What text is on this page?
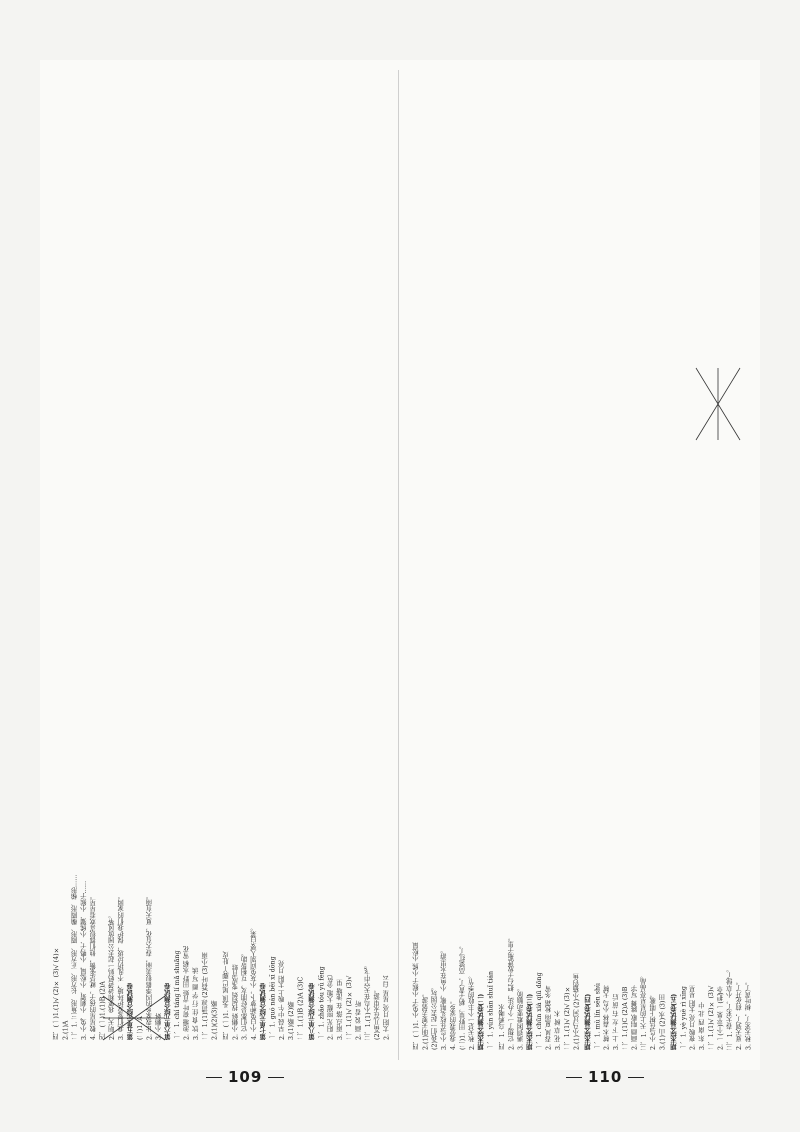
四、(一)1.(1)√ (2)× (3)√ (4)× 2.(1)A 二、1. 三角形、长方形、正方形、圆形、椭圆形、梯形…… 3. 小兔、小刺猬、小松鼠、小鸭子、小熊猫、小猴子…… 4. 数星星的孩子，就是张衡，他们都很喜欢看星星。 四、(一)1.(1)B (2)A 2. 明天，我要和爸爸妈妈一起去公园放风筝。 3. 我们要爱护环境，不乱扔垃圾，保护我们的家园。 第五单元综合测试卷 (二)1. A 2. 让我家乡的四季都很美丽，春天有花，夏天有雨。 3. 小蝌蚪 第六单元综合测试卷 一、1. chí tánɡ lí mǎ shuānɡ 2. 池塘 荷叶 青蛙 田野 水稻 雪花 3. 饮 食 住 行 学 画 写 读 二、1.(1)清凉 (2)荷叶 (3)小雨 2.(1)(2)(3)略 四、(一)1. 头顶 尾巴 脚丫 肚皮 2. 小蝌蚪 找妈妈 变成青蛙 3. 它们都是好朋友，互相帮助。 4. 小白兔种萝卜，小灰兔向别人要白菜。 第七单元综合测试卷 一、1. ɡuó nán běi xī dōnɡ 2. 早晨 中午 晚上 太阳 月亮 3.(1)略 (2)略 二、1.(1)B (2)A (3)C 第八单元综合测试卷 一、1. zhǎo tóu yǔ fēnɡ 2. 阳光 照耀 大地 金色 3. 雨点 落 在 池塘 里 二、1.(1)√ (2)× (3)√ 2. 画 说 看 听 三、1.(1)小鸟在天空中飞。 (2)鱼儿在水里游。 2. 太阳 月亮 星星 白云	四、(一)1. 小兔子 小猴子 小熊 小松鼠 2.(1)明天要去郊游。 (2)我们一起去公园玩。 3. 小鸟在枝头唱歌，小鱼在水里游。 4. 我爱我的家乡。 (二)1. 田野里，稻子黄了，高粱红了。 2. 秋天是一个丰收的季节。 期末综合测试卷(二) 一、1. yún shān shuǐ tián 四、1. 乌鸦喝水 2. 它想了一个办法，把石子放进瓶子里。 3. 遇到困难要动脑筋。 期末综合测试卷(三) 一、1. chūn xià qiū dōnɡ 2. 春风 夏雨 秋霜 冬雪 3. 花 草 树 木 二、1.(1)√ (2)√ (3)× 2.(1)小马过河 (2)小猫钓鱼 期末综合测试卷(四) 一、1. mù lín sēn shù 2. 树木 森林 小鸟 大树 3. 上 下 左 右 前 后 二、1.(1)C (2)A (3)B 2. 画画 唱歌 跳舞 写字 三、1. 天上的星星亮晶晶。 2. 小鸟在树上唱歌。 3.(1)山 (2)水 (3)田 期末综合测试卷(五) 一、1. yè yuè rì xīnɡ 2. 夜晚 月亮 太阳 星星 3. 东 南 西 北 中 二、1.(1)√ (2)× (3)√ 2. 一(个)苹果 一(把)伞 三、1. 春天来了，小草绿了。 2. 夏天到了，荷花开了。 3. 秋天来了，树叶黄了。
109	110
